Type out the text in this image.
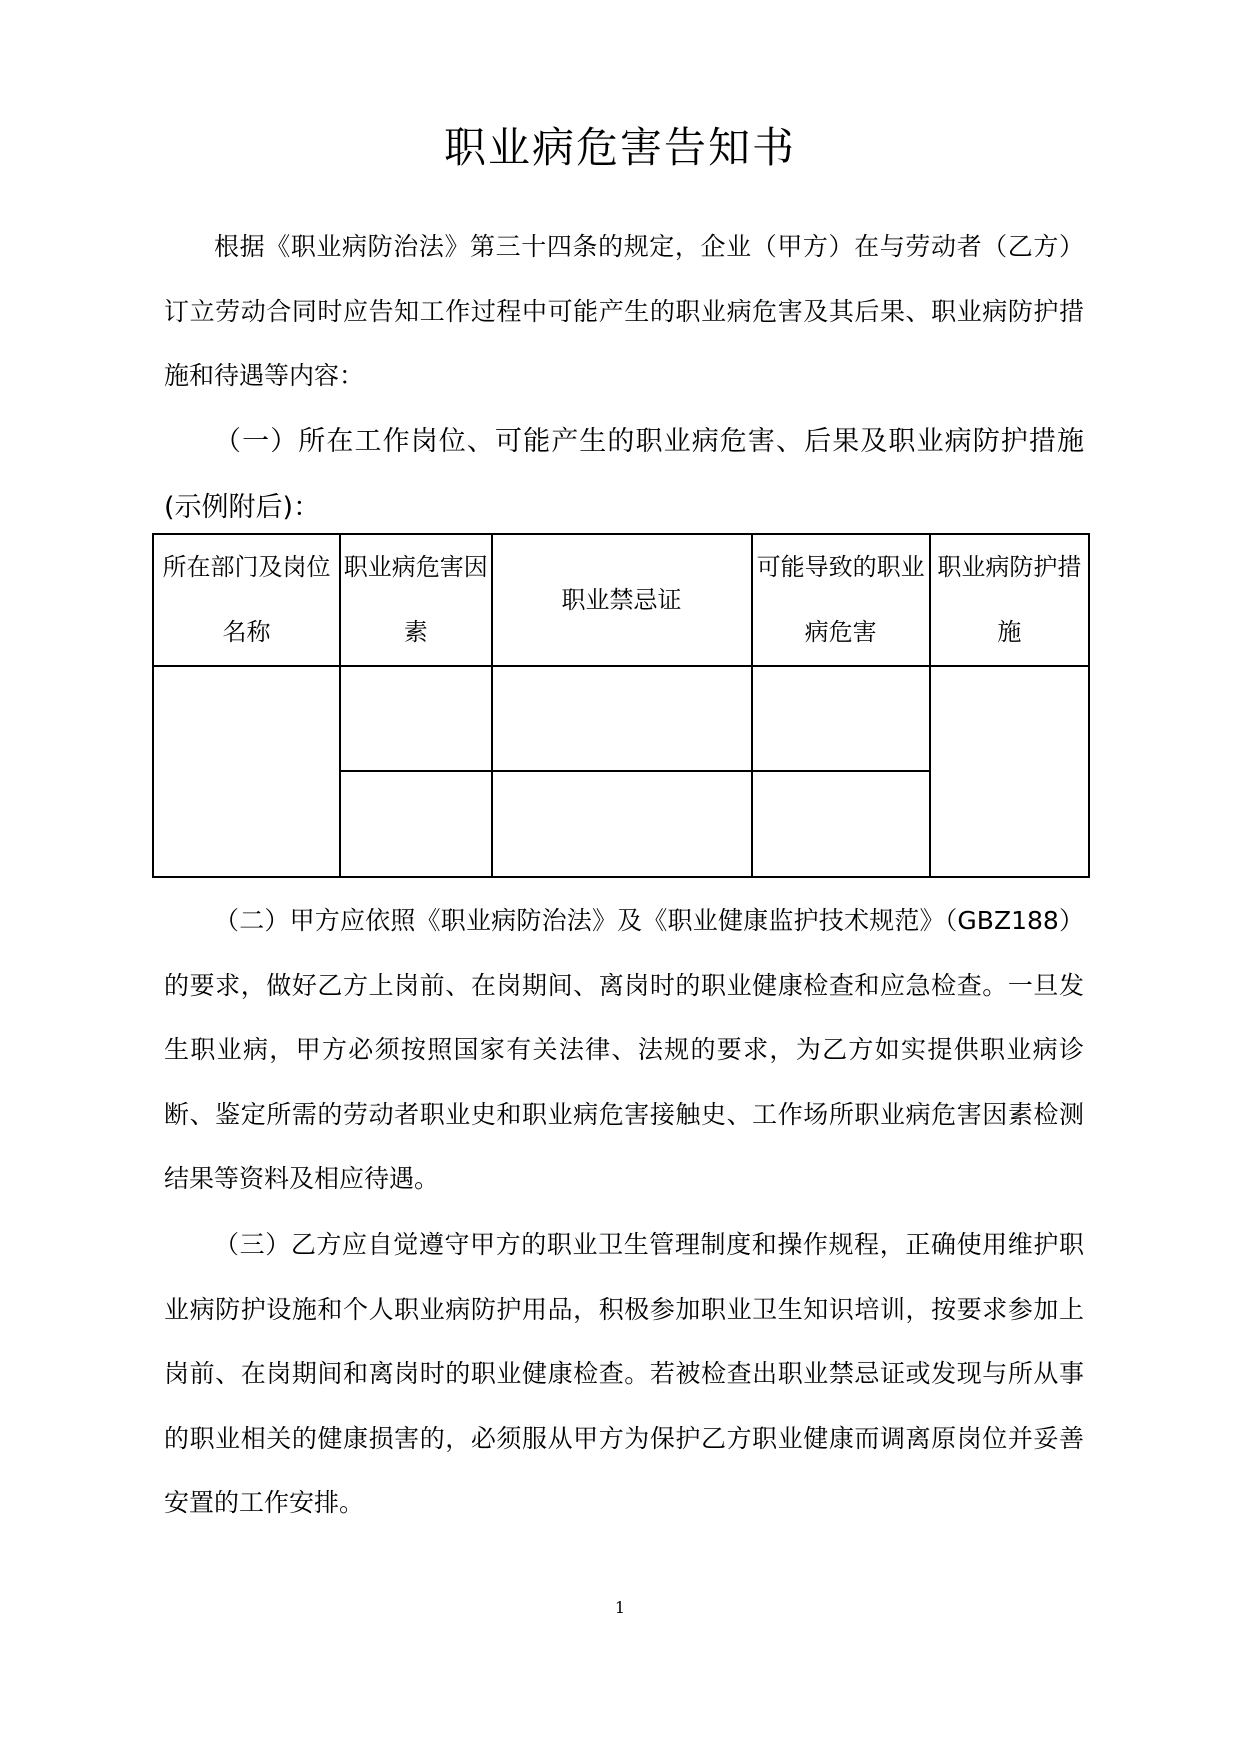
职业病危害告知书

根据《职业病防治法》第三十四条的规定，企业（甲方）在与劳动者（乙方）订立劳动合同时应告知工作过程中可能产生的职业病危害及其后果、职业病防护措施和待遇等内容：

（一）所在工作岗位、可能产生的职业病危害、后果及职业病防护措施(示例附后)：

所在部门及岗位名称	职业病危害因素	职业禁忌证	可能导致的职业病危害	职业病防护措施

（二）甲方应依照《职业病防治法》及《职业健康监护技术规范》（GBZ188）的要求，做好乙方上岗前、在岗期间、离岗时的职业健康检查和应急检查。一旦发生职业病，甲方必须按照国家有关法律、法规的要求，为乙方如实提供职业病诊断、鉴定所需的劳动者职业史和职业病危害接触史、工作场所职业病危害因素检测结果等资料及相应待遇。

（三）乙方应自觉遵守甲方的职业卫生管理制度和操作规程，正确使用维护职业病防护设施和个人职业病防护用品，积极参加职业卫生知识培训，按要求参加上岗前、在岗期间和离岗时的职业健康检查。若被检查出职业禁忌证或发现与所从事的职业相关的健康损害的，必须服从甲方为保护乙方职业健康而调离原岗位并妥善安置的工作安排。

1
